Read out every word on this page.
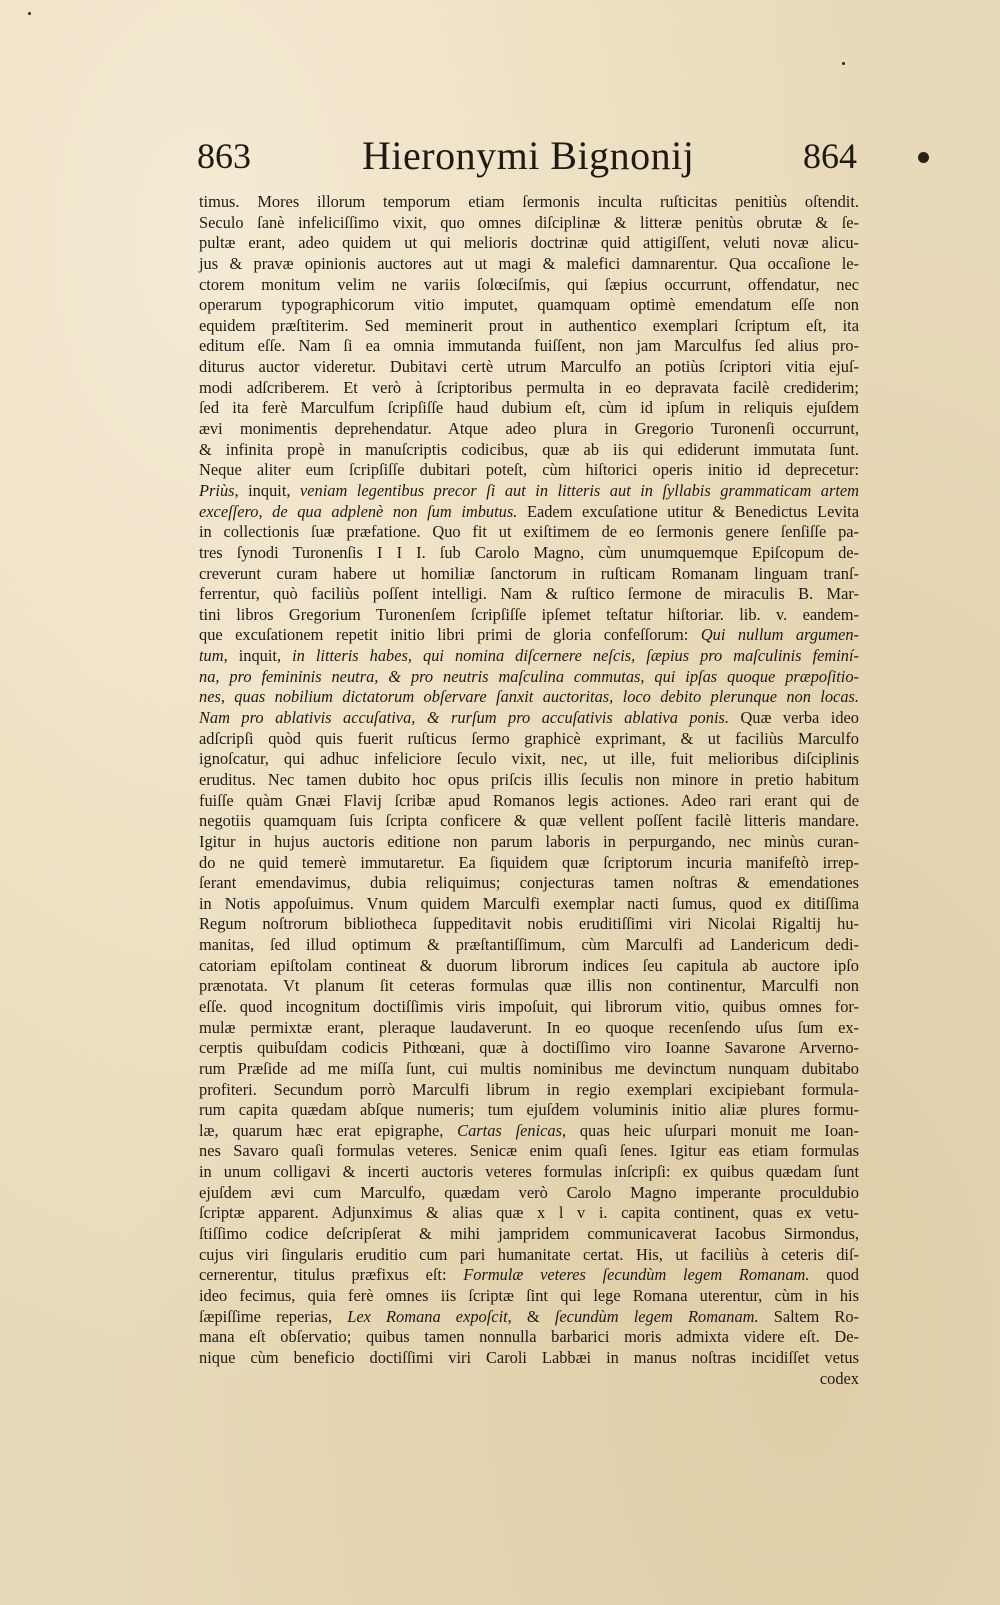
863	Hieronymi Bignonij	864
timus. Mores illorum temporum etiam ſermonis inculta ruſticitas penitiùs oſtendit.
Seculo ſanè infeliciſſimo vixit, quo omnes diſciplinæ & litteræ penitùs obrutæ & ſe-
pultæ erant, adeo quidem ut qui melioris doctrinæ quid attigiſſent, veluti novæ alicu-
jus & pravæ opinionis auctores aut ut magi & malefici damnarentur. Qua occaſione le-
ctorem monitum velim ne variis ſolœciſmis, qui ſæpius occurrunt, offendatur, nec
operarum typographicorum vitio imputet, quamquam optimè emendatum eſſe non
equidem præſtiterim. Sed meminerit prout in authentico exemplari ſcriptum eſt, ita
editum eſſe. Nam ſi ea omnia immutanda fuiſſent, non jam Marculfus ſed alius pro-
diturus auctor videretur. Dubitavi certè utrum Marculfo an potiùs ſcriptori vitia ejuſ-
modi adſcriberem. Et verò à ſcriptoribus permulta in eo depravata facilè crediderim;
ſed ita ferè Marculfum ſcripſiſſe haud dubium eſt, cùm id ipſum in reliquis ejuſdem
ævi monimentis deprehendatur. Atque adeo plura in Gregorio Turonenſi occurrunt,
& infinita propè in manuſcriptis codicibus, quæ ab iis qui ediderunt immutata ſunt.
Neque aliter eum ſcripſiſſe dubitari poteſt, cùm hiſtorici operis initio id deprecetur:
Priùs, inquit, veniam legentibus precor ſi aut in litteris aut in ſyllabis grammaticam artem
exceſſero, de qua adplenè non ſum imbutus. Eadem excuſatione utitur & Benedictus Levita
in collectionis ſuæ præfatione. Quo fit ut exiſtimem de eo ſermonis genere ſenſiſſe pa-
tres ſynodi Turonenſis I I I. ſub Carolo Magno, cùm unumquemque Epiſcopum de-
creverunt curam habere ut homiliæ ſanctorum in ruſticam Romanam linguam tranſ-
ferrentur, quò faciliùs poſſent intelligi. Nam & ruſtico ſermone de miraculis B. Mar-
tini libros Gregorium Turonenſem ſcripſiſſe ipſemet teſtatur hiſtoriar. lib. v. eandem-
que excuſationem repetit initio libri primi de gloria confeſſorum: Qui nullum argumen-
tum, inquit, in litteris habes, qui nomina diſcernere neſcis, ſæpius pro maſculinis feminí-
na, pro femininis neutra, & pro neutris maſculina commutas, qui ipſas quoque præpoſitio-
nes, quas nobilium dictatorum obſervare ſanxit auctoritas, loco debito plerunque non locas.
Nam pro ablativis accuſativa, & rurſum pro accuſativis ablativa ponis. Quæ verba ideo
adſcripſi quòd quis fuerit ruſticus ſermo graphicè exprimant, & ut faciliùs Marculfo
ignoſcatur, qui adhuc infeliciore ſeculo vixit, nec, ut ille, fuit melioribus diſciplinis
eruditus. Nec tamen dubito hoc opus priſcis illis ſeculis non minore in pretio habitum
fuiſſe quàm Gnæi Flavij ſcribæ apud Romanos legis actiones. Adeo rari erant qui de
negotiis quamquam ſuis ſcripta conficere & quæ vellent poſſent facilè litteris mandare.
Igitur in hujus auctoris editione non parum laboris in perpurgando, nec minùs curan-
do ne quid temerè immutaretur. Ea ſiquidem quæ ſcriptorum incuria manifeſtò irrep-
ſerant emendavimus, dubia reliquimus; conjecturas tamen noſtras & emendationes
in Notis appoſuimus. Vnum quidem Marculfi exemplar nacti ſumus, quod ex ditiſſima
Regum noſtrorum bibliotheca ſuppeditavit nobis eruditiſſimi viri Nicolai Rigaltij hu-
manitas, ſed illud optimum & præſtantiſſimum, cùm Marculfi ad Landericum dedi-
catoriam epiſtolam contineat & duorum librorum indices ſeu capitula ab auctore ipſo
prænotata. Vt planum ſit ceteras formulas quæ illis non continentur, Marculfi non
eſſe. quod incognitum doctiſſimis viris impoſuit, qui librorum vitio, quibus omnes for-
mulæ permixtæ erant, pleraque laudaverunt. In eo quoque recenſendo uſus ſum ex-
cerptis quibuſdam codicis Pithœani, quæ à doctiſſimo viro Ioanne Savarone Arverno-
rum Præſide ad me miſſa ſunt, cui multis nominibus me devinctum nunquam dubitabo
profiteri. Secundum porrò Marculfi librum in regio exemplari excipiebant formula-
rum capita quædam abſque numeris; tum ejuſdem voluminis initio aliæ plures formu-
læ, quarum hæc erat epigraphe, Cartas ſenicas, quas heic uſurpari monuit me Ioan-
nes Savaro quaſi formulas veteres. Senicæ enim quaſi ſenes. Igitur eas etiam formulas
in unum colligavi & incerti auctoris veteres formulas inſcripſi: ex quibus quædam ſunt
ejuſdem ævi cum Marculfo, quædam verò Carolo Magno imperante proculdubio
ſcriptæ apparent. Adjunximus & alias quæ x l v i. capita continent, quas ex vetu-
ſtiſſimo codice deſcripſerat & mihi jampridem communicaverat Iacobus Sirmondus,
cujus viri ſingularis eruditio cum pari humanitate certat. His, ut faciliùs à ceteris diſ-
cernerentur, titulus præfixus eſt: Formulæ veteres ſecundùm legem Romanam. quod
ideo fecimus, quia ferè omnes iis ſcriptæ ſint qui lege Romana uterentur, cùm in his
ſæpiſſime reperias, Lex Romana expoſcit, & ſecundùm legem Romanam. Saltem Ro-
mana eſt obſervatio; quibus tamen nonnulla barbarici moris admixta videre eſt. De-
nique cùm beneficio doctiſſimi viri Caroli Labbæi in manus noſtras incidiſſet vetus
codex
